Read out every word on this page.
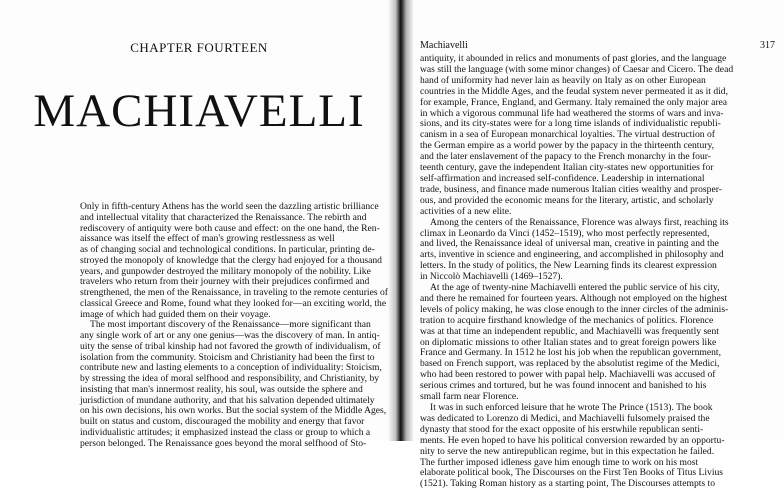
CHAPTER FOURTEEN
MACHIAVELLI
Only in fifth-century Athens has the world seen the dazzling artistic brilliance
and intellectual vitality that characterized the Renaissance. The rebirth and
rediscovery of antiquity were both cause and effect: on the one hand, the Ren-
aissance was itself the effect of man's growing restlessness as well
as of changing social and technological conditions. In particular, printing de-
stroyed the monopoly of knowledge that the clergy had enjoyed for a thousand
years, and gunpowder destroyed the military monopoly of the nobility. Like
travelers who return from their journey with their prejudices confirmed and
strengthened, the men of the Renaissance, in traveling to the remote centuries of
classical Greece and Rome, found what they looked for—an exciting world, the
image of which had guided them on their voyage.
The most important discovery of the Renaissance—more significant than
any single work of art or any one genius—was the discovery of man. In antiq-
uity the sense of tribal kinship had not favored the growth of individualism, of
isolation from the community. Stoicism and Christianity had been the first to
contribute new and lasting elements to a conception of individuality: Stoicism,
by stressing the idea of moral selfhood and responsibility, and Christianity, by
insisting that man's innermost reality, his soul, was outside the sphere and
jurisdiction of mundane authority, and that his salvation depended ultimately
on his own decisions, his own works. But the social system of the Middle Ages,
built on status and custom, discouraged the mobility and energy that favor
individualistic attitudes; it emphasized instead the class or group to which a
person belonged. The Renaissance goes beyond the moral selfhood of Sto-
Machiavelli	317
antiquity, it abounded in relics and monuments of past glories, and the language
was still the language (with some minor changes) of Caesar and Cicero. The dead
hand of uniformity had never lain as heavily on Italy as on other European
countries in the Middle Ages, and the feudal system never permeated it as it did,
for example, France, England, and Germany. Italy remained the only major area
in which a vigorous communal life had weathered the storms of wars and inva-
sions, and its city-states were for a long time islands of individualistic republi-
canism in a sea of European monarchical loyalties. The virtual destruction of
the German empire as a world power by the papacy in the thirteenth century,
and the later enslavement of the papacy to the French monarchy in the four-
teenth century, gave the independent Italian city-states new opportunities for
self-affirmation and increased self-confidence. Leadership in international
trade, business, and finance made numerous Italian cities wealthy and prosper-
ous, and provided the economic means for the literary, artistic, and scholarly
activities of a new elite.
Among the centers of the Renaissance, Florence was always first, reaching its
climax in Leonardo da Vinci (1452–1519), who most perfectly represented,
and lived, the Renaissance ideal of universal man, creative in painting and the
arts, inventive in science and engineering, and accomplished in philosophy and
letters. In the study of politics, the New Learning finds its clearest expression
in Niccolò Machiavelli (1469–1527).
At the age of twenty-nine Machiavelli entered the public service of his city,
and there he remained for fourteen years. Although not employed on the highest
levels of policy making, he was close enough to the inner circles of the adminis-
tration to acquire firsthand knowledge of the mechanics of politics. Florence
was at that time an independent republic, and Machiavelli was frequently sent
on diplomatic missions to other Italian states and to great foreign powers like
France and Germany. In 1512 he lost his job when the republican government,
based on French support, was replaced by the absolutist regime of the Medici,
who had been restored to power with papal help. Machiavelli was accused of
serious crimes and tortured, but he was found innocent and banished to his
small farm near Florence.
It was in such enforced leisure that he wrote The Prince (1513). The book
was dedicated to Lorenzo di Medici, and Machiavelli fulsomely praised the
dynasty that stood for the exact opposite of his erstwhile republican senti-
ments. He even hoped to have his political conversion rewarded by an opportu-
nity to serve the new antirepublican regime, but in this expectation he failed.
The further imposed idleness gave him enough time to work on his most
elaborate political book, The Discourses on the First Ten Books of Titus Livius
(1521). Taking Roman history as a starting point, The Discourses attempts to
